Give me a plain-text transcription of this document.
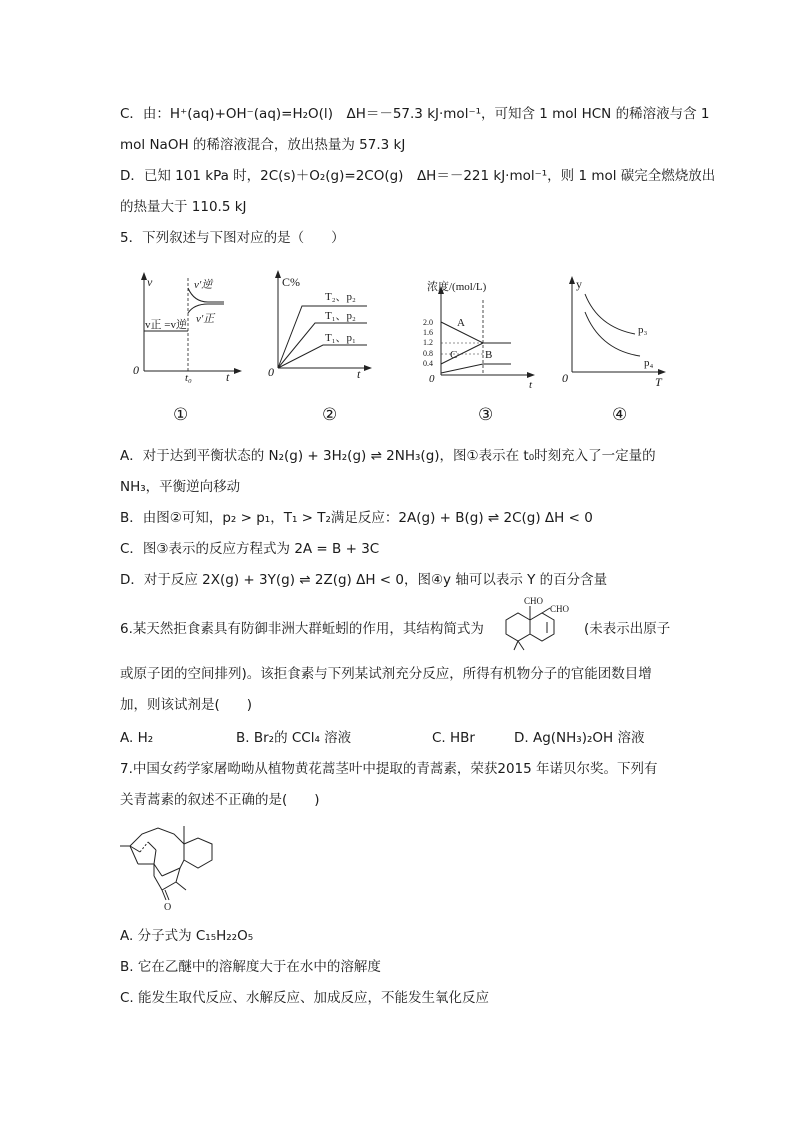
C．由：H⁺(aq)+OH⁻(aq)=H₂O(l)　ΔH＝－57.3 kJ·mol⁻¹，可知含 1 mol HCN 的稀溶液与含 1
mol NaOH 的稀溶液混合，放出热量为 57.3 kJ
D．已知 101 kPa 时，2C(s)＋O₂(g)=2CO(g)　ΔH＝－221 kJ·mol⁻¹，则 1 mol 碳完全燃烧放出
的热量大于 110.5 kJ
5．下列叙述与下图对应的是（　　）
v
0
t₀	t
v正 =v逆
v′逆
v′正
C%
0	t
T₂、p₂
T₁、p₂
T₁、p₁
浓度/(mol/L)
0	t
2.0
1.6
1.2
0.8
0.4
A
C	B
y
0	T
p₃
p₄
①	②	③	④
A．对于达到平衡状态的 N₂(g) + 3H₂(g) ⇌ 2NH₃(g)，图①表示在 t₀时刻充入了一定量的
NH₃，平衡逆向移动
B．由图②可知，p₂ > p₁，T₁ > T₂满足反应：2A(g) + B(g) ⇌ 2C(g) ΔH < 0
C．图③表示的反应方程式为 2A = B + 3C
D．对于反应 2X(g) + 3Y(g) ⇌ 2Z(g) ΔH < 0，图④y 轴可以表示 Y 的百分含量
6.某天然拒食素具有防御非洲大群蚯蚓的作用，其结构简式为
CHO
CHO
(未表示出原子
或原子团的空间排列)。该拒食素与下列某试剂充分反应，所得有机物分子的官能团数目增
加，则该试剂是(　　)
A. H₂	B. Br₂的 CCl₄ 溶液	C. HBr	D. Ag(NH₃)₂OH 溶液
7.中国女药学家屠呦呦从植物黄花蒿茎叶中提取的青蒿素，荣获2015 年诺贝尔奖。下列有
关青蒿素的叙述不正确的是(　　)
O
A. 分子式为 C₁₅H₂₂O₅
B. 它在乙醚中的溶解度大于在水中的溶解度
C. 能发生取代反应、水解反应、加成反应，不能发生氧化反应
